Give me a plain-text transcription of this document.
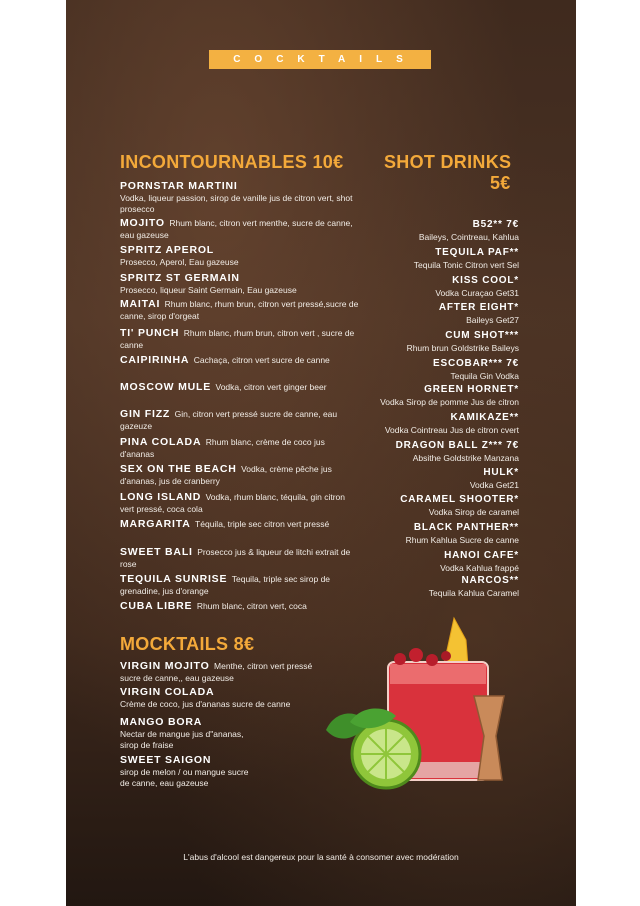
COCKTAILS
INCONTOURNABLES 10€
PORNSTAR MARTINI
Vodka, liqueur passion, sirop de vanille jus de citron vert, shot prosecco
MOJITO Rhum blanc, citron vert menthe, sucre de canne, eau gazeuse
SPRITZ APEROL
Prosecco, Aperol, Eau gazeuse
SPRITZ ST GERMAIN
Prosecco, liqueur Saint Germain, Eau gazeuse
MAITAI Rhum blanc, rhum brun, citron vert pressé,sucre de canne, sirop d'orgeat
TI' PUNCH Rhum blanc, rhum brun, citron vert , sucre de canne
CAIPIRINHA Cachaça, citron vert sucre de canne
MOSCOW MULE Vodka, citron vert ginger beer
GIN FIZZ Gin, citron vert pressé sucre de canne, eau gazeuze
PINA COLADA Rhum blanc, crème de coco jus d'ananas
SEX ON THE BEACH Vodka, crème pêche jus d'ananas, jus de cranberry
LONG ISLAND Vodka, rhum blanc, téquila, gin citron vert pressé, coca cola
MARGARITA Téquila, triple sec citron vert pressé
SWEET BALI Prosecco jus & liqueur de litchi extrait de rose
TEQUILA SUNRISE Tequila, triple sec sirop de grenadine, jus d'orange
CUBA LIBRE Rhum blanc, citron vert, coca
SHOT DRINKS
5€
B52** 7€
Baileys, Cointreau, Kahlua
TEQUILA PAF**
Tequila Tonic Citron vert Sel
KISS COOL*
Vodka Curaçao Get31
AFTER EIGHT*
Baileys Get27
CUM SHOT***
Rhum brun Goldstrike Baileys
ESCOBAR*** 7€
Tequila Gin Vodka
GREEN HORNET*
Vodka Sirop de pomme Jus de citron
KAMIKAZE**
Vodka Cointreau Jus de citron cvert
DRAGON BALL Z*** 7€
Absithe Goldstrike Manzana
HULK*
Vodka Get21
CARAMEL SHOOTER*
Vodka Sirop de caramel
BLACK PANTHER**
Rhum Kahlua Sucre de canne
HANOI CAFE*
Vodka Kahlua frappé
NARCOS**
Tequila Kahlua Caramel
MOCKTAILS 8€
VIRGIN MOJITO Menthe, citron vert pressé sucre de canne,, eau gazeuse
VIRGIN COLADA
Crème de coco, jus d'ananas sucre de canne
MANGO BORA
Nectar de mangue jus d"ananas, sirop de fraise
SWEET SAIGON
sirop de melon / ou mangue sucre de canne, eau gazeuse
L'abus d'alcool est dangereux pour la santé à consomer avec modération
